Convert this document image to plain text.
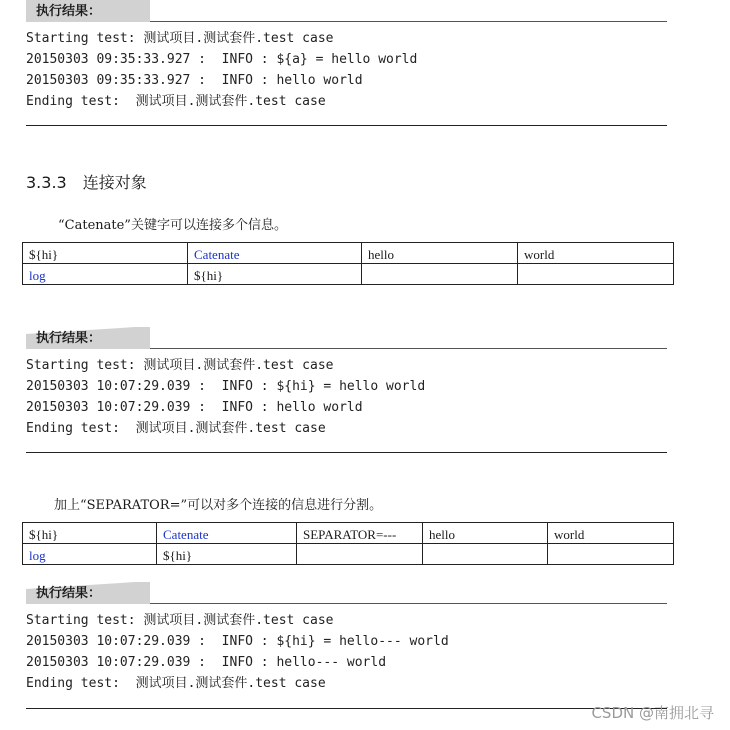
执行结果：
Starting test: 测试项目.测试套件.test case
20150303 09:35:33.927 :  INFO : ${a} = hello world
20150303 09:35:33.927 :  INFO : hello world
Ending test:  测试项目.测试套件.test case
3.3.3 连接对象
“Catenate”关键字可以连接多个信息。
${hi}	Catenate	hello	world
log	${hi}		
执行结果：
Starting test: 测试项目.测试套件.test case
20150303 10:07:29.039 :  INFO : ${hi} = hello world
20150303 10:07:29.039 :  INFO : hello world
Ending test:  测试项目.测试套件.test case
加上“SEPARATOR=”可以对多个连接的信息进行分割。
${hi}	Catenate	SEPARATOR=---	hello	world
log	${hi}			
执行结果：
Starting test: 测试项目.测试套件.test case
20150303 10:07:29.039 :  INFO : ${hi} = hello--- world
20150303 10:07:29.039 :  INFO : hello--- world
Ending test:  测试项目.测试套件.test case
CSDN @南拥北寻
